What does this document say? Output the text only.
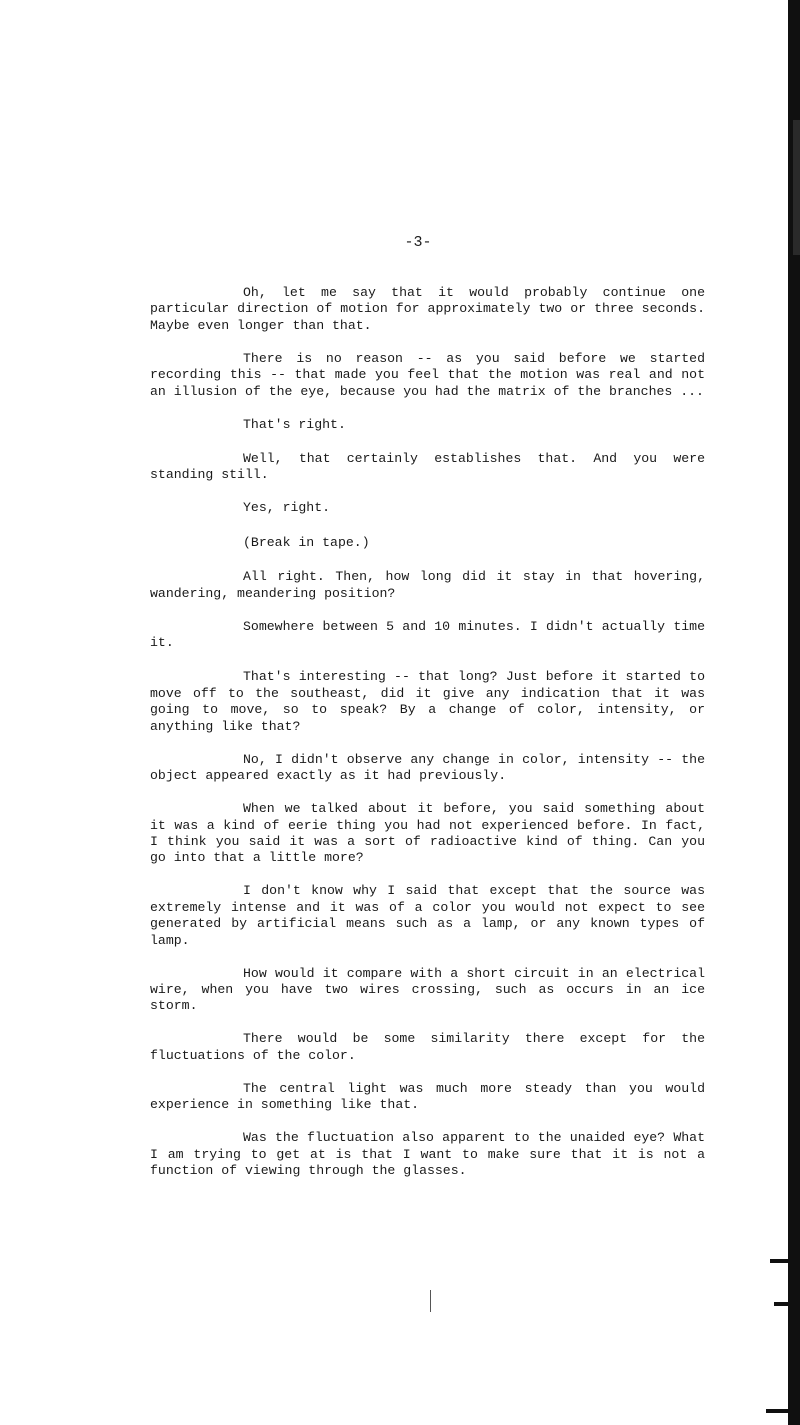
-3-

Oh, let me say that it would probably continue one particular direction of motion for approximately two or three seconds. Maybe even longer than that.

There is no reason -- as you said before we started recording this -- that made you feel that the motion was real and not an illusion of the eye, because you had the matrix of the branches ...

That's right.

Well, that certainly establishes that. And you were standing still.

Yes, right.

(Break in tape.)

All right. Then, how long did it stay in that hovering, wandering, meandering position?

Somewhere between 5 and 10 minutes. I didn't actually time it.

That's interesting -- that long? Just before it started to move off to the southeast, did it give any indication that it was going to move, so to speak? By a change of color, intensity, or anything like that?

No, I didn't observe any change in color, intensity -- the object appeared exactly as it had previously.

When we talked about it before, you said something about it was a kind of eerie thing you had not experienced before. In fact, I think you said it was a sort of radioactive kind of thing. Can you go into that a little more?

I don't know why I said that except that the source was extremely intense and it was of a color you would not expect to see generated by artificial means such as a lamp, or any known types of lamp.

How would it compare with a short circuit in an electrical wire, when you have two wires crossing, such as occurs in an ice storm.

There would be some similarity there except for the fluctuations of the color.

The central light was much more steady than you would experience in something like that.

Was the fluctuation also apparent to the unaided eye? What I am trying to get at is that I want to make sure that it is not a function of viewing through the glasses.
